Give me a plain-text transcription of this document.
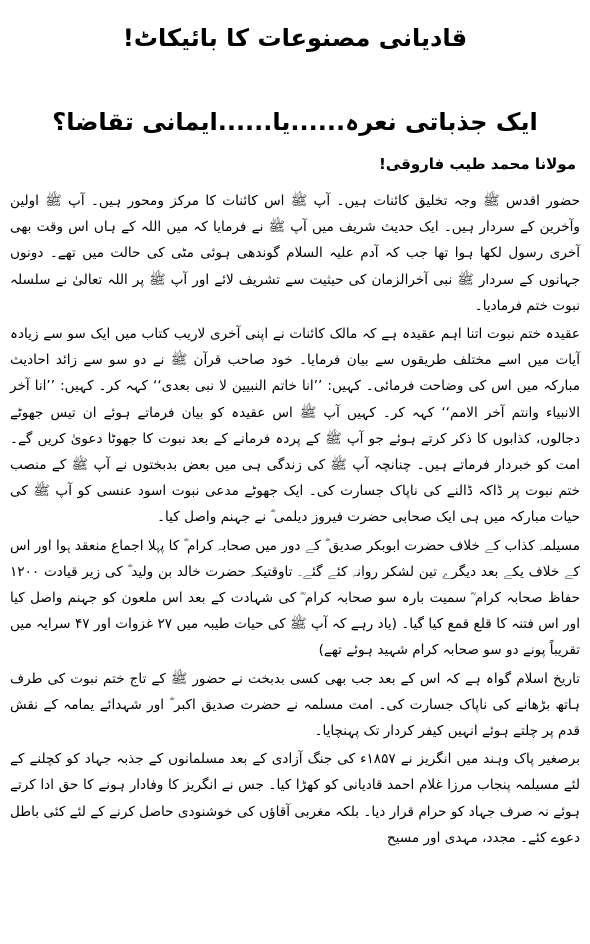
قادیانی مصنوعات کا بائیکاٹ!
ایک جذباتی نعرہ......یا......ایمانی تقاضا؟
مولانا محمد طیب فاروقی!

حضور اقدس ﷺ وجہ تخلیق کائنات ہیں۔ آپ ﷺ اس کائنات کا مرکز ومحور ہیں۔ آپ ﷺ اولین وآخرین کے سردار ہیں۔ ایک حدیث شریف میں آپ ﷺ نے فرمایا کہ میں اللہ کے ہاں اس وقت بھی آخری رسول لکھا ہوا تھا جب کہ آدم علیہ السلام گوندھی ہوئی مٹی کی حالت میں تھے۔ دونوں جہانوں کے سردار ﷺ نبی آخرالزمان کی حیثیت سے تشریف لائے اور آپ ﷺ پر اللہ تعالیٰ نے سلسلہ نبوت ختم فرمادیا۔

عقیدہ ختم نبوت اتنا اہم عقیدہ ہے کہ مالک کائنات نے اپنی آخری لاریب کتاب میں ایک سو سے زیادہ آیات میں اسے مختلف طریقوں سے بیان فرمایا۔ خود صاحب قرآن ﷺ نے دو سو سے زائد احادیث مبارکہ میں اس کی وضاحت فرمائی۔ کہیں: ’’انا خاتم النبیین لا نبی بعدی‘‘ کہہ کر۔ کہیں: ’’انا آخر الانبیاء وانتم آخر الامم‘‘ کہہ کر۔ کہیں آپ ﷺ اس عقیدہ کو بیان فرماتے ہوئے ان تیس جھوٹے دجالوں، کذابوں کا ذکر کرتے ہوئے جو آپ ﷺ کے پردہ فرمانے کے بعد نبوت کا جھوٹا دعویٰ کریں گے۔ امت کو خبردار فرماتے ہیں۔ چنانچہ آپ ﷺ کی زندگی ہی میں بعض بدبختوں نے آپ ﷺ کے منصب ختم نبوت پر ڈاکہ ڈالنے کی ناپاک جسارت کی۔ ایک جھوٹے مدعی نبوت اسود عنسی کو آپ ﷺ کی حیات مبارکہ میں ہی ایک صحابی حضرت فیروز دیلمی ؓ نے جہنم واصل کیا۔

مسیلمہ کذاب کے خلاف حضرت ابوبکر صدیق ؓ کے دور میں صحابہ کرام ؓ کا پہلا اجماع منعقد ہوا اور اس کے خلاف یکے بعد دیگرے تین لشکر روانہ کئے گئے۔ تاوقتیکہ حضرت خالد بن ولید ؓ کی زیر قیادت ۱۲۰۰ حفاظ صحابہ کرام ؓ سمیت بارہ سو صحابہ کرام ؓ کی شہادت کے بعد اس ملعون کو جہنم واصل کیا اور اس فتنہ کا قلع قمع کیا گیا۔ (یاد رہے کہ آپ ﷺ کی حیات طیبہ میں ۲۷ غزوات اور ۴۷ سرایہ میں تقریباً پونے دو سو صحابہ کرام شہید ہوئے تھے)

تاریخ اسلام گواہ ہے کہ اس کے بعد جب بھی کسی بدبخت نے حضور ﷺ کے تاج ختم نبوت کی طرف ہاتھ بڑھانے کی ناپاک جسارت کی۔ امت مسلمہ نے حضرت صدیق اکبر ؓ اور شہدائے یمامہ کے نقش قدم پر چلتے ہوئے انہیں کیفر کردار تک پہنچایا۔

برصغیر پاک وہند میں انگریز نے ۱۸۵۷ء کی جنگ آزادی کے بعد مسلمانوں کے جذبہ جہاد کو کچلنے کے لئے مسیلمہ پنجاب مرزا غلام احمد قادیانی کو کھڑا کیا۔ جس نے انگریز کا وفادار ہونے کا حق ادا کرتے ہوئے نہ صرف جہاد کو حرام قرار دیا۔ بلکہ مغربی آقاؤں کی خوشنودی حاصل کرنے کے لئے کئی باطل دعوے کئے۔ مجدد، مہدی اور مسیح
